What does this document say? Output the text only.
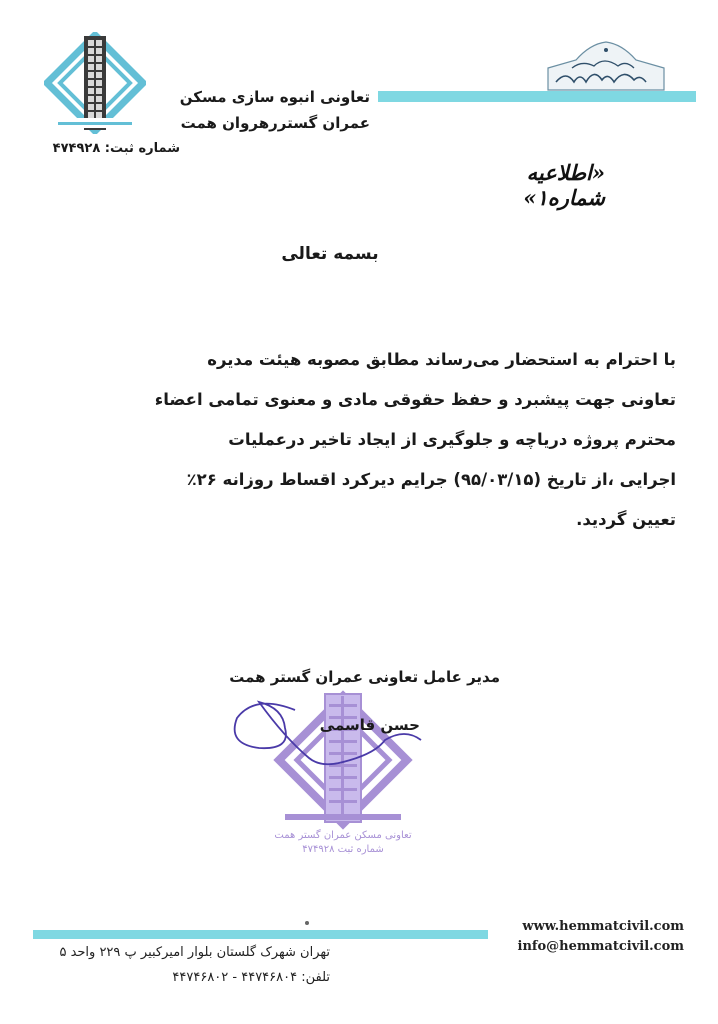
تعاونی انبوه سازی مسکن
عمران گستررهروان همت
شماره ثبت: ۴۷۴۹۲۸
«اطلاعیه شماره۱»
بسمه تعالی
با احترام به استحضار می‌رساند مطابق مصوبه هیئت مدیره
تعاونی جهت پیشبرد و حفظ حقوقی مادی و معنوی تمامی اعضاء
محترم پروژه دریاچه و جلوگیری از ایجاد تاخیر درعملیات
اجرایی ،از تاریخ (۹۵/۰۳/۱۵) جرایم دیرکرد اقساط روزانه ۲۶٪
تعیین گردید.
مدیر عامل تعاونی عمران گستر همت
تعاونی مسکن عمران گستر همت
شماره ثبت ۴۷۴۹۲۸
حسن قاسمی
تهران شهرک گلستان بلوار امیرکبیر پ ۲۲۹ واحد ۵
تلفن: ۴۴۷۴۶۸۰۴ - ۴۴۷۴۶۸۰۲
www.hemmatcivil.com
info@hemmatcivil.com
